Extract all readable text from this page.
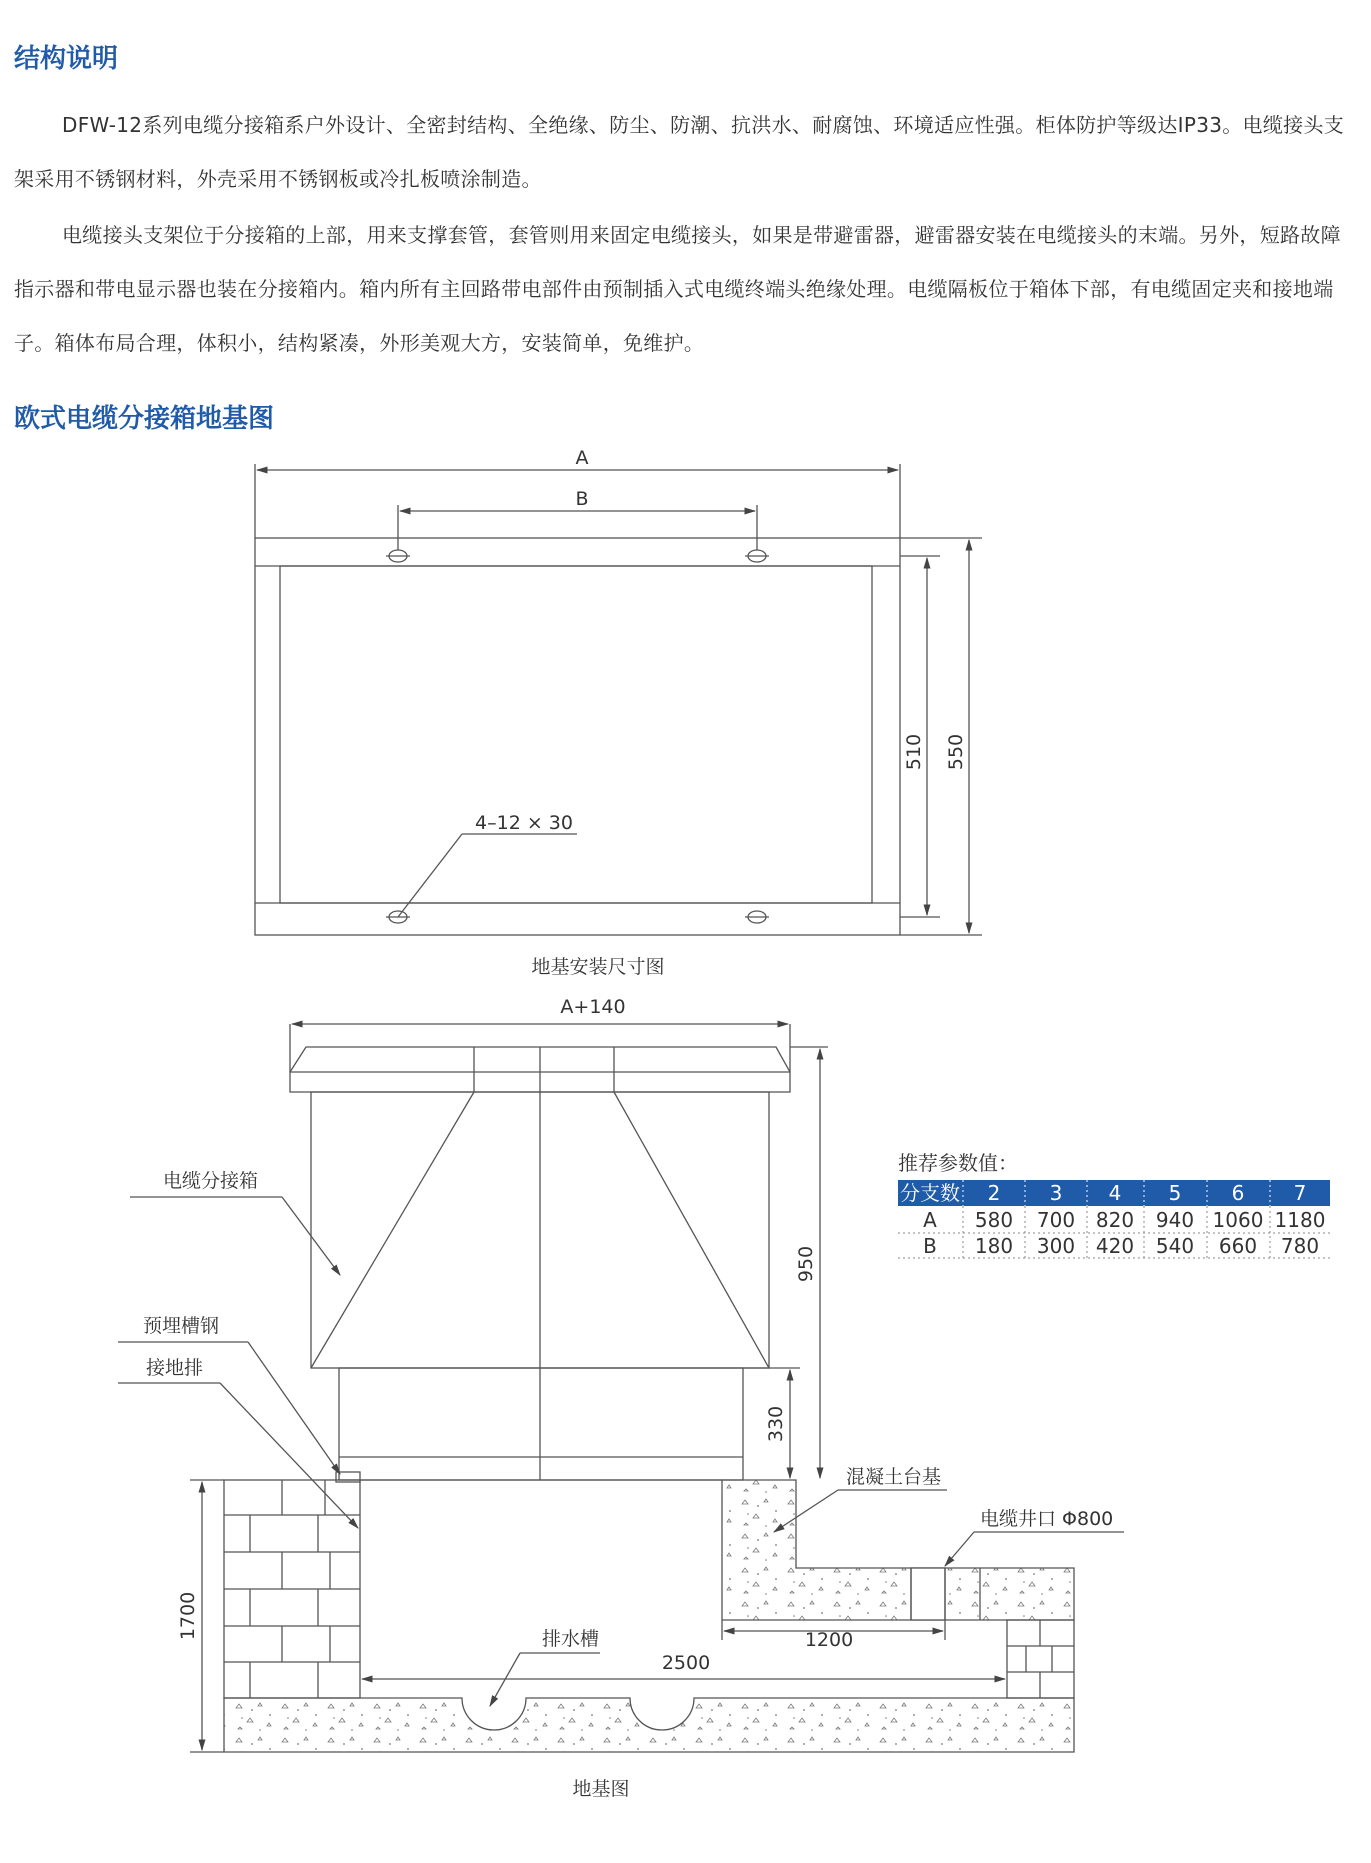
结构说明

DFW-12系列电缆分接箱系户外设计、全密封结构、全绝缘、防尘、防潮、抗洪水、耐腐蚀、环境适应性强。柜体防护等级达IP33。电缆接头支架采用不锈钢材料，外壳采用不锈钢板或冷扎板喷涂制造。

电缆接头支架位于分接箱的上部，用来支撑套管，套管则用来固定电缆接头，如果是带避雷器，避雷器安装在电缆接头的末端。另外，短路故障指示器和带电显示器也装在分接箱内。箱内所有主回路带电部件由预制插入式电缆终端头绝缘处理。电缆隔板位于箱体下部，有电缆固定夹和接地端子。箱体布局合理，体积小，结构紧凑，外形美观大方，安装简单，免维护。

欧式电缆分接箱地基图
A
B
510 550
4–12 × 30
地基安装尺寸图
A+140
950
330
1700	1200
2500
电缆分接箱
预埋槽钢
接地排
混凝土台基
电缆井口 Φ800
排水槽
地基图
推荐参数值：
分支数 2 3 4 5	6 7
A 580 700 820 940 1060 1180
B 180 300 420 540 660 780
